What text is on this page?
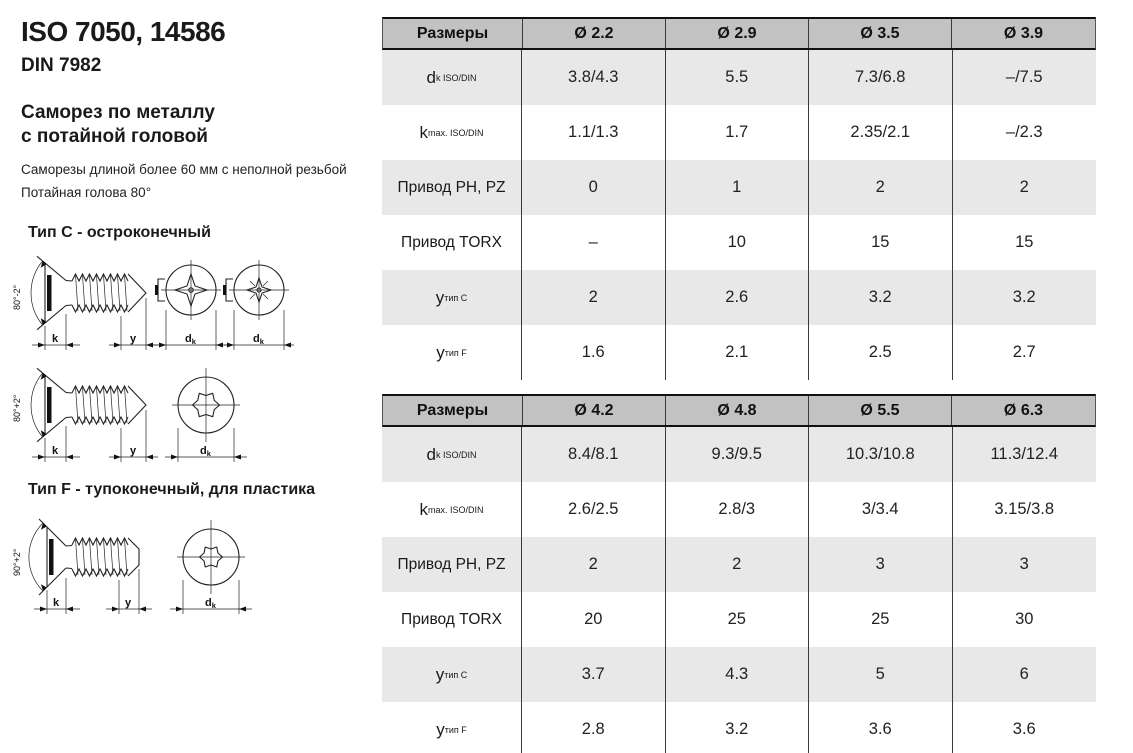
ISO 7050, 14586
DIN 7982
Саморез по металлу
с потайной головой
Саморезы длиной более 60 мм с неполной резьбой
Потайная голова 80°
Тип C - остроконечный
Тип F - тупоконечный, для пластика
80°-2°
k	y	dk	dk
80°+2°
k	y	dk
90°+2°
k	y	dk
Размеры	Ø 2.2	Ø 2.9	Ø 3.5	Ø 3.9
d k ISO/DIN	3.8/4.3	5.5	7.3/6.8	–/7.5
k max. ISO/DIN	1.1/1.3	1.7	2.35/2.1	–/2.3
Привод PH, PZ	0	1	2	2
Привод TORX	–	10	15	15
y тип C	2	2.6	3.2	3.2
y тип F	1.6	2.1	2.5	2.7
Размеры	Ø 4.2	Ø 4.8	Ø 5.5	Ø 6.3
d k ISO/DIN	8.4/8.1	9.3/9.5	10.3/10.8	11.3/12.4
k max. ISO/DIN	2.6/2.5	2.8/3	3/3.4	3.15/3.8
Привод PH, PZ	2	2	3	3
Привод TORX	20	25	25	30
y тип C	3.7	4.3	5	6
y тип F	2.8	3.2	3.6	3.6
